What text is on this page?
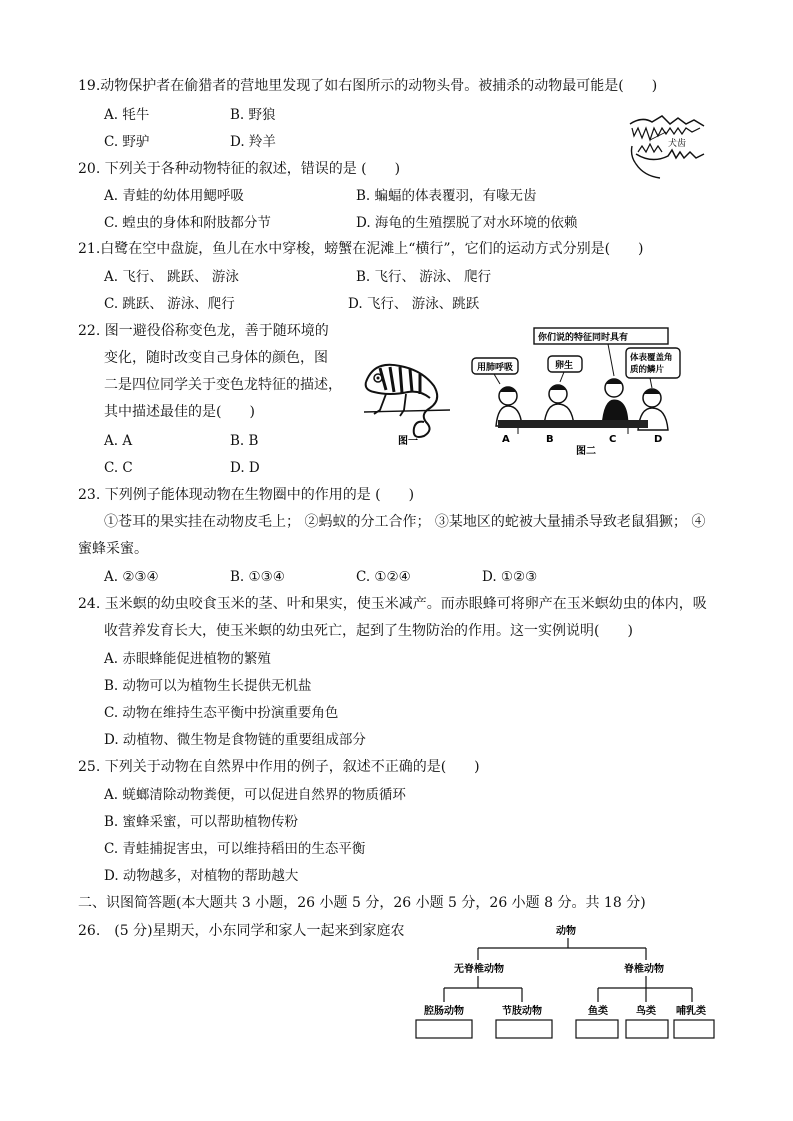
19.动物保护者在偷猎者的营地里发现了如右图所示的动物头骨。被捕杀的动物最可能是(　　)
A. 牦牛	B. 野狼
C. 野驴	D. 羚羊	犬齿
20. 下列关于各种动物特征的叙述，错误的是 (　　)
A. 青蛙的幼体用鳃呼吸	B. 蝙蝠的体表覆羽，有喙无齿
C. 蝗虫的身体和附肢都分节	D. 海龟的生殖摆脱了对水环境的依赖
21.白鹭在空中盘旋，鱼儿在水中穿梭，螃蟹在泥滩上“横行”，它们的运动方式分别是(　　)
A. 飞行、 跳跃、 游泳	B. 飞行、 游泳、 爬行
C. 跳跃、 游泳、爬行	D. 飞行、 游泳、跳跃
22. 图一避役俗称变色龙，善于随环境的
变化，随时改变自己身体的颜色，图
二是四位同学关于变色龙特征的描述，
其中描述最佳的是(　　)
A. A	B. B
C. C	D. D
图一
你们说的特征同时具有
用肺呼吸	卵生
体表覆盖角
质的鳞片
A	B	C	D
图二
23. 下列例子能体现动物在生物圈中的作用的是 (　　)
①苍耳的果实挂在动物皮毛上； ②蚂蚁的分工合作； ③某地区的蛇被大量捕杀导致老鼠猖獗； ④
蜜蜂采蜜。
A. ②③④	B. ①③④	C. ①②④	D. ①②③
24. 玉米螟的幼虫咬食玉米的茎、叶和果实，使玉米减产。而赤眼蜂可将卵产在玉米螟幼虫的体内，吸
收营养发育长大，使玉米螟的幼虫死亡，起到了生物防治的作用。这一实例说明(　　)
A. 赤眼蜂能促进植物的繁殖
B. 动物可以为植物生长提供无机盐
C. 动物在维持生态平衡中扮演重要角色
D. 动植物、微生物是食物链的重要组成部分
25. 下列关于动物在自然界中作用的例子，叙述不正确的是(　　)
A. 蜣螂清除动物粪便，可以促进自然界的物质循环
B. 蜜蜂采蜜，可以帮助植物传粉
C. 青蛙捕捉害虫，可以维持稻田的生态平衡
D. 动物越多，对植物的帮助越大
二、识图简答题(本大题共 3 小题，26 小题 5 分，26 小题 5 分，26 小题 8 分。共 18 分)
26.　(5 分)星期天，小东同学和家人一起来到家庭农	动物
无脊椎动物	脊椎动物
腔肠动物	节肢动物	鱼类	鸟类 哺乳类
